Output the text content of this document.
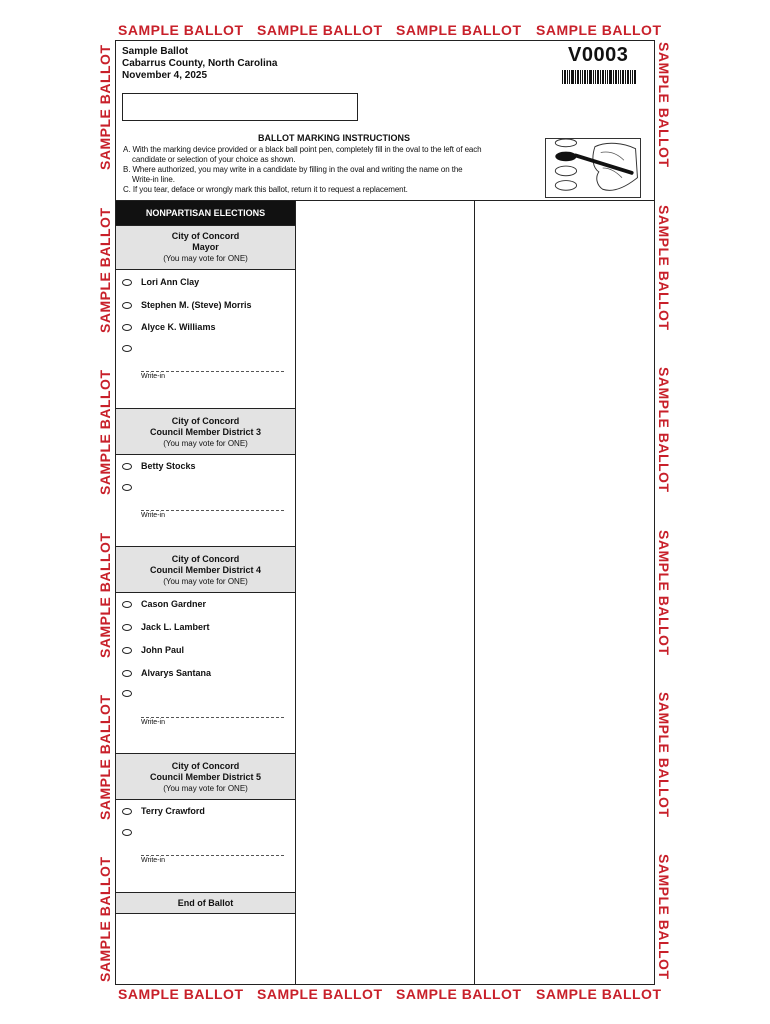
SAMPLE BALLOT SAMPLE BALLOT SAMPLE BALLOT SAMPLE BALLOT
SAMPLE BALLOT SAMPLE BALLOT SAMPLE BALLOT SAMPLE BALLOT
SAMPLE BALLOT
SAMPLE BALLOT
SAMPLE BALLOT
SAMPLE BALLOT
SAMPLE BALLOT
SAMPLE BALLOT
SAMPLE BALLOT
SAMPLE BALLOT
SAMPLE BALLOT
SAMPLE BALLOT
SAMPLE BALLOT
SAMPLE BALLOT
Sample Ballot
Cabarrus County, North Carolina
November 4, 2025
V0003
BALLOT MARKING INSTRUCTIONS

A. With the marking device provided or a black ball point pen, completely fill in the oval to the left of each

candidate or selection of your choice as shown.

B. Where authorized, you may write in a candidate by filling in the oval and writing the name on the

Write-in line.

C. If you tear, deface or wrongly mark this ballot, return it to request a replacement.

NONPARTISAN ELECTIONS
City of Concord
Mayor
(You may vote for ONE)
Lori Ann Clay
Stephen M. (Steve) Morris
Alyce K. Williams
Write-in
City of Concord
Council Member District 3
(You may vote for ONE)
Betty Stocks
Write-in
City of Concord
Council Member District 4
(You may vote for ONE)
Cason Gardner
Jack L. Lambert
John Paul
Alvarys Santana
Write-in
City of Concord
Council Member District 5
(You may vote for ONE)
Terry Crawford
Write-in
End of Ballot
